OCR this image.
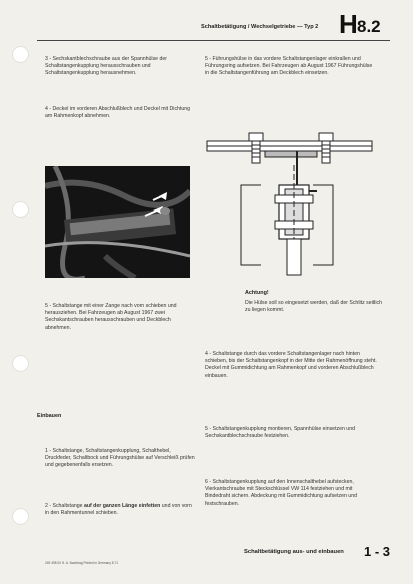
Schaltbetätigung / Wechselgetriebe — Typ 2 H 8.2
3 - Sechskantblechschraube aus der Spannhülse der Schaltstangenkupplung herausschrauben und Schaltstangenkupplung herausnehmen.
4 - Deckel im vorderen Abschlußblech und Deckel mit Dichtung am Rahmenkopf abnehmen.
5 - Schaltstange mit einer Zange nach vorn schieben und herausziehen. Bei Fahrzeugen ab August 1967 zwei Sechskantschrauben herausschrauben und Deckblech abnehmen.
Einbauen
1 - Schaltstange, Schaltstangenkupplung, Schalthebel, Druckfeder, Schaltbock und Führungshülse auf Verschleiß prüfen und gegebenenfalls ersetzen.
2 - Schaltstange auf der ganzen Länge einfetten und von vorn in den Rahmentunnel schieben.
5 - Führungshülse in das vordere Schaltstangenlager einkrallen und Führungsring aufsetzen. Bei Fahrzeugen ab August 1967 Führungshülse in die Schaltstangenführung am Deckblech einsetzen.
Achtung!
Die Hülse soll so eingesetzt werden, daß der Schlitz seitlich zu liegen kommt.
4 - Schaltstange durch das vordere Schaltstangenlager nach hinten schieben, bis der Schaltstangenkopf in der Mitte der Rahmenöffnung steht. Deckel mit Gummidichtung am Rahmenkopf und vorderen Abschlußblech einbauen.
5 - Schaltstangenkupplung montieren, Spannhülse einsetzen und Sechskantblechschraube festziehen.
6 - Schaltstangenkupplung auf den Innenschalthebel aufstecken, Vierkantschraube mit Steckschlüssel VW 114 festziehen und mit Bindedraht sichern. Abdeckung mit Gummidichtung aufsetzen und festschrauben.
Schaltbetätigung aus- und einbauen 1 - 3
249 498 00 H. A. Nachtrag Printed in Germany 8.71
